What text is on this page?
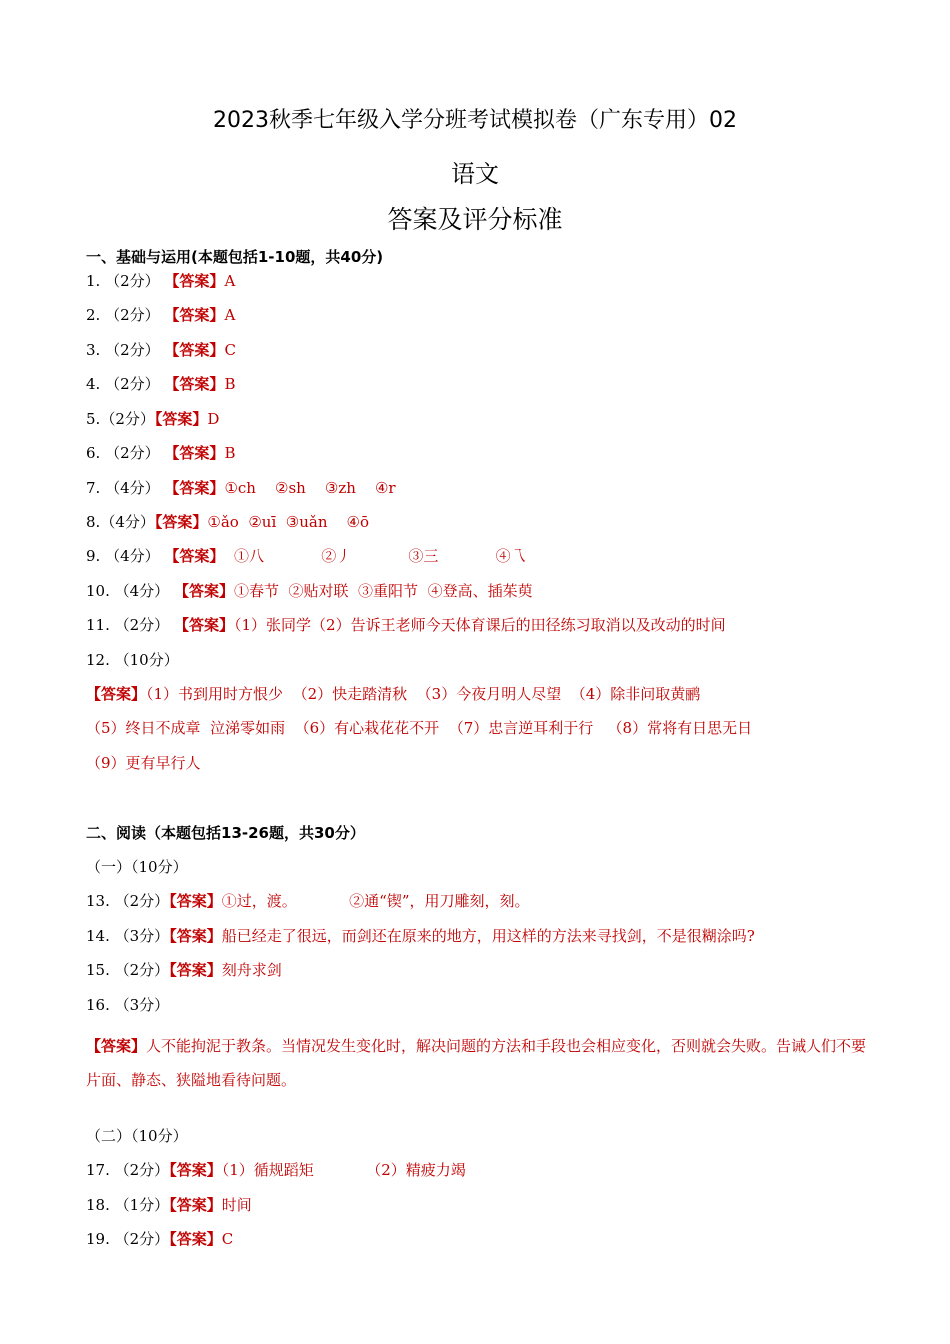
2023秋季七年级入学分班考试模拟卷（广东专用）02
语文
答案及评分标准
一、基础与运用(本题包括1-10题，共40分)
1. （2分） 【答案】A
2. （2分） 【答案】A
3. （2分） 【答案】C
4. （2分） 【答案】B
5.（2分）【答案】D
6. （2分） 【答案】B
7. （4分） 【答案】①ch    ②sh    ③zh    ④r
8.（4分）【答案】①ǎo  ②uī  ③uǎn    ④ō
9. （4分） 【答案】  ①八            ②丿            ③三            ④乁
10. （4分） 【答案】①春节  ②贴对联  ③重阳节  ④登高、插茱萸
11. （2分） 【答案】（1）张同学（2）告诉王老师今天体育课后的田径练习取消以及改动的时间
12. （10分）
【答案】（1）书到用时方恨少  （2）快走踏清秋  （3）今夜月明人尽望  （4）除非问取黄鹂
（5）终日不成章  泣涕零如雨  （6）有心栽花花不开  （7）忠言逆耳利于行   （8）常将有日思无日
（9）更有早行人
二、阅读（本题包括13-26题，共30分）
（一）（10分）
13. （2分）【答案】①过，渡。           ②通“锲”，用刀雕刻，刻。
14. （3分）【答案】船已经走了很远，而剑还在原来的地方，用这样的方法来寻找剑，不是很糊涂吗?
15. （2分）【答案】刻舟求剑
16. （3分）
【答案】人不能拘泥于教条。当情况发生变化时，解决问题的方法和手段也会相应变化，否则就会失败。告诫人们不要片面、静态、狭隘地看待问题。
（二）（10分）
17. （2分）【答案】（1）循规蹈矩           （2）精疲力竭
18. （1分）【答案】时间
19. （2分）【答案】C
